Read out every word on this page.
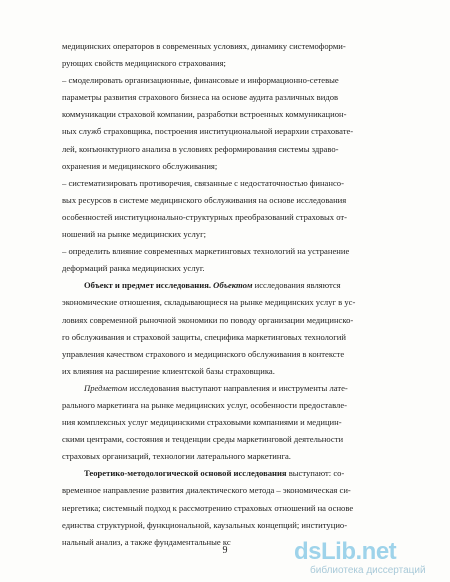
медицинских операторов в современных условиях, динамику системоформи-
рующих свойств медицинского страхования;
– смоделировать организационные, финансовые и информационно-сетевые
параметры развития страхового бизнеса на основе аудита различных видов
коммуникации страховой компании, разработки встроенных коммуникацион-
ных служб страховщика, построения институциональной иерархии страховате-
лей, конъюнктурного анализа в условиях реформирования системы здраво-
охранения и медицинского обслуживания;
– систематизировать противоречия, связанные с недостаточностью финансо-
вых ресурсов в системе медицинского обслуживания на основе исследования
особенностей институционально-структурных преобразований страховых от-
ношений на рынке медицинских услуг;
– определить влияние современных маркетинговых технологий на устранение
деформаций ранка медицинских услуг.
Объект и предмет исследования. Объектом исследования являются
экономические отношения, складывающиеся на рынке медицинских услуг в ус-
ловиях современной рыночной экономики по поводу организации медицинско-
го обслуживания и страховой защиты, специфика маркетинговых технологий
управления качеством страхового и медицинского обслуживания в контексте
их влияния на расширение клиентской базы страховщика.
Предметом исследования выступают направления и инструменты лате-
рального маркетинга на рынке медицинских услуг, особенности предоставле-
ния комплексных услуг медицинскими страховыми компаниями и медицин-
скими центрами, состояния и тенденции среды маркетинговой деятельности
страховых организаций, технологии латерального маркетинга.
Теоретико-методологической основой исследования выступают: со-
временное направление развития диалектического метода – экономическая си-
нергетика; системный подход к рассмотрению страховых отношений на основе
единства структурной, функциональной, каузальных концепций; институцио-
нальный анализ, а также фундаментальные кс
9	dsLib.net
библиотека диссертаций
